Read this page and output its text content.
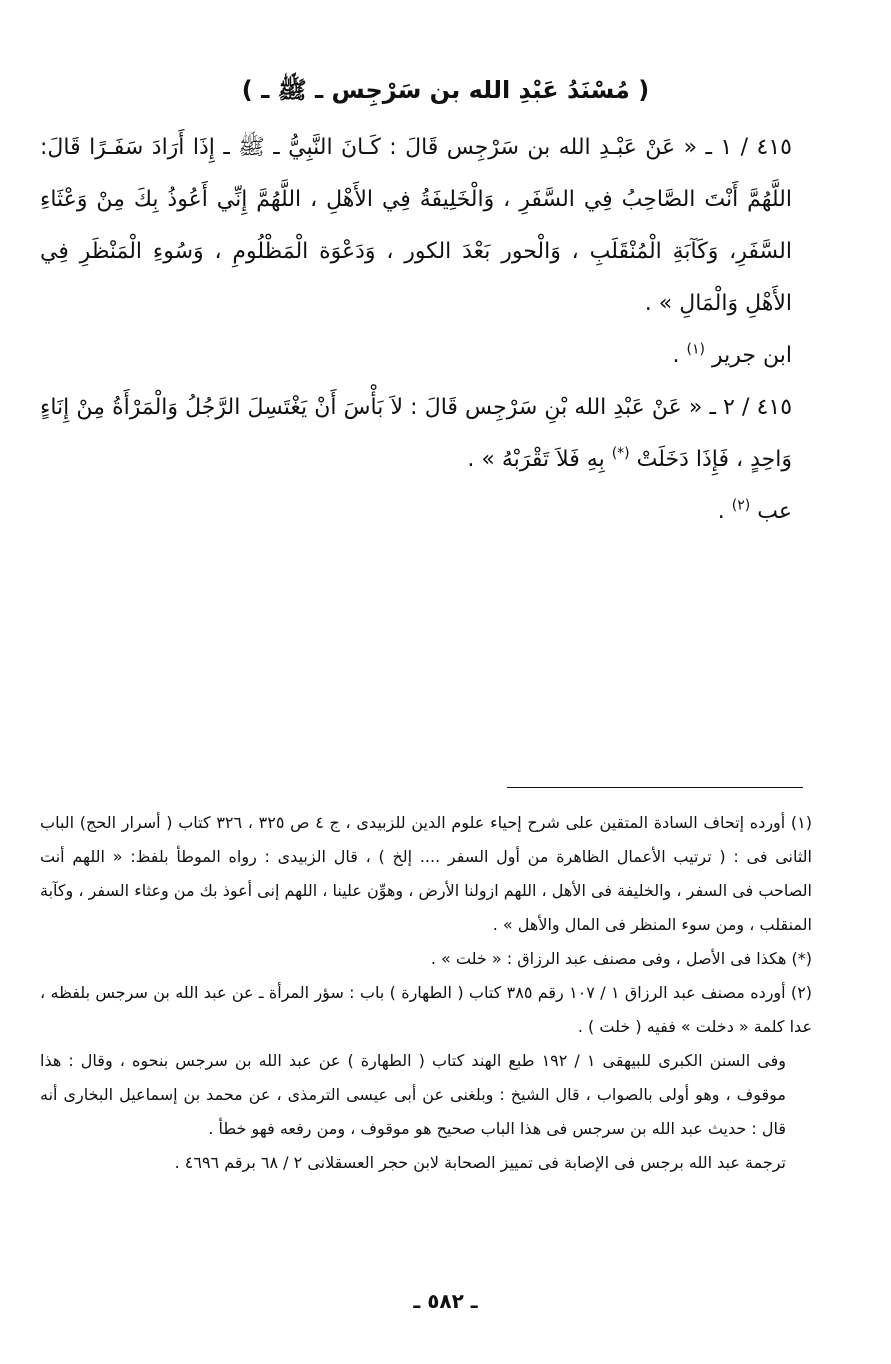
( مُسْنَدُ عَبْدِ الله بن سَرْجِس ـ ﷺ ـ )

٤١٥ / ١ ـ « عَنْ عَبْـدِ الله بن سَرْجِس قَالَ : كَـانَ النَّبِيُّ ـ ﷺ ـ إِذَا أَرَادَ سَفَـرًا قَالَ: اللَّهُمَّ أَنْتَ الصَّاحِبُ فِي السَّفَرِ ، وَالْخَلِيفَةُ فِي الأَهْلِ ، اللَّهُمَّ إِنِّي أَعُوذُ بِكَ مِنْ وَعْثَاءِ السَّفَرِ، وَكَآبَةِ الْمُنْقَلَبِ ، وَالْحور بَعْدَ الكور ، وَدَعْوَة الْمَظْلُومِ ، وَسُوءِ الْمَنْظَرِ فِي الأَهْلِ وَالْمَالِ » .

ابن جرير $^{(١)}$ .

٤١٥ / ٢ ـ « عَنْ عَبْدِ الله بْنِ سَرْجِس قَالَ : لاَ بَأْسَ أَنْ يَغْتَسِلَ الرَّجُلُ وَالْمَرْأَةُ مِنْ إِنَاءٍ وَاحِدٍ ، فَإِذَا دَخَلَتْ (*) بِهِ فَلاَ تَقْرَبْهُ » .

عب $^{(٢)}$ .

(١) أورده إتحاف السادة المتقين على شرح إحياء علوم الدين للزبيدى ، ج ٤ ص ٣٢٥ ، ٣٢٦ كتاب ( أسرار الحج) الباب الثانى فى : ( ترتيب الأعمال الظاهرة من أول السفر .... إلخ ) ، قال الزبيدى : رواه الموطأ بلفظ: « اللهم أنت الصاحب فى السفر ، والخليفة فى الأهل ، اللهم ازولنا الأرض ، وهوِّن علينا ، اللهم إنى أعوذ بك من وعثاء السفر ، وكآبة المنقلب ، ومن سوء المنظر فى المال والأهل » .

(*) هكذا فى الأصل ، وفى مصنف عبد الرزاق : « خلت » .

(٢) أورده مصنف عبد الرزاق ١ / ١٠٧ رقم ٣٨٥ كتاب ( الطهارة ) باب : سؤر المرأة ـ عن عبد الله بن سرجس بلفظه ، عدا كلمة « دخلت » ففيه ( خلت ) .

وفى السنن الكبرى للبيهقى ١ / ١٩٢ طبع الهند كتاب ( الطهارة ) عن عبد الله بن سرجس بنحوه ، وقال : هذا موقوف ، وهو أولى بالصواب ، قال الشيخ : وبلغنى عن أبى عيسى الترمذى ، عن محمد بن إسماعيل البخارى أنه قال : حديث عبد الله بن سرجس فى هذا الباب صحيح هو موقوف ، ومن رفعه فهو خطأ .

ترجمة عبد الله برجس فى الإصابة فى تمييز الصحابة لابن حجر العسقلانى ٢ / ٦٨ برقم ٤٦٩٦ .

ـ ٥٨٢ ـ
